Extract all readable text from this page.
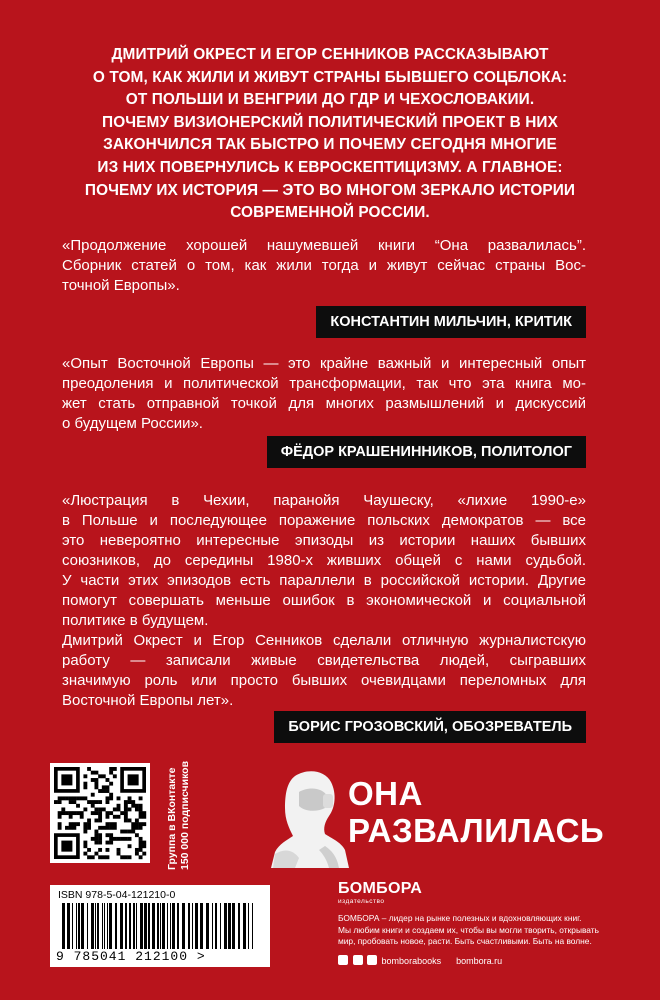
ДМИТРИЙ ОКРЕСТ И ЕГОР СЕННИКОВ РАССКАЗЫВАЮТ
О ТОМ, КАК ЖИЛИ И ЖИВУТ СТРАНЫ БЫВШЕГО СОЦБЛОКА:
ОТ ПОЛЬШИ И ВЕНГРИИ ДО ГДР И ЧЕХОСЛОВАКИИ.
ПОЧЕМУ ВИЗИОНЕРСКИЙ ПОЛИТИЧЕСКИЙ ПРОЕКТ В НИХ
ЗАКОНЧИЛСЯ ТАК БЫСТРО И ПОЧЕМУ СЕГОДНЯ МНОГИЕ
ИЗ НИХ ПОВЕРНУЛИСЬ К ЕВРОСКЕПТИЦИЗМУ. А ГЛАВНОЕ:
ПОЧЕМУ ИХ ИСТОРИЯ — ЭТО ВО МНОГОМ ЗЕРКАЛО ИСТОРИИ
СОВРЕМЕННОЙ РОССИИ.
«Продолжение хорошей нашумевшей книги “Она развалилась”.
Сборник статей о том, как жили тогда и живут сейчас страны Вос-
точной Европы».
КОНСТАНТИН МИЛЬЧИН, КРИТИК
«Опыт Восточной Европы — это крайне важный и интересный опыт
преодоления и политической трансформации, так что эта книга мо-
жет стать отправной точкой для многих размышлений и дискуссий
о будущем России».
ФЁДОР КРАШЕНИННИКОВ, ПОЛИТОЛОГ
«Люстрация в Чехии, паранойя Чаушеску, «лихие 1990-е»
в Польше и последующее поражение польских демократов — все
это невероятно интересные эпизоды из истории наших бывших
союзников, до середины 1980-х живших общей с нами судьбой.
У части этих эпизодов есть параллели в российской истории. Другие
помогут совершать меньше ошибок в экономической и социальной
политике в будущем.
Дмитрий Окрест и Егор Сенников сделали отличную журналистскую
работу — записали живые свидетельства людей, сыгравших
значимую роль или просто бывших очевидцами переломных для
Восточной Европы лет».
БОРИС ГРОЗОВСКИЙ, ОБОЗРЕВАТЕЛЬ
Группа в ВКонтакте 150 000 подписчиков	ОНА
РАЗВАЛИЛАСЬ
ISBN 978-5-04-121210-0
9 785041 212100 >
БОМБОРА
издательство
БОМБОРА – лидер на рынке полезных и вдохновляющих книг.
Мы любим книги и создаем их, чтобы вы могли творить, открывать
мир, пробовать новое, расти. Быть счастливыми. Быть на волне.
bomborabooks bombora.ru
